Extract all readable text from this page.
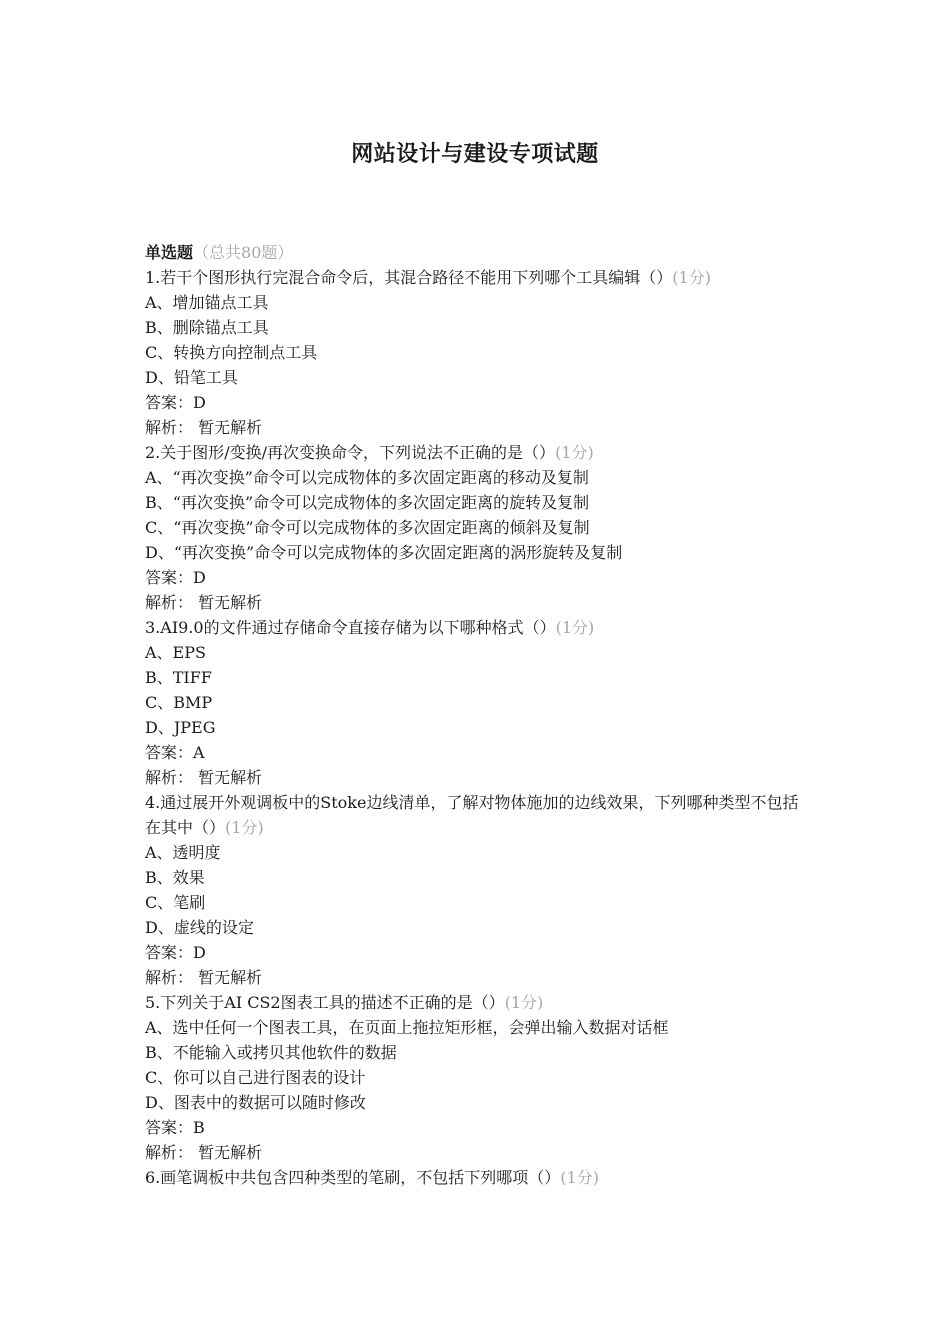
网站设计与建设专项试题
单选题（总共80题）
1.若干个图形执行完混合命令后，其混合路径不能用下列哪个工具编辑（）(1分)
A、增加锚点工具
B、删除锚点工具
C、转换方向控制点工具
D、铅笔工具
答案：D
解析： 暂无解析
2.关于图形/变换/再次变换命令，下列说法不正确的是（）(1分)
A、“再次变换”命令可以完成物体的多次固定距离的移动及复制
B、“再次变换”命令可以完成物体的多次固定距离的旋转及复制
C、“再次变换”命令可以完成物体的多次固定距离的倾斜及复制
D、“再次变换”命令可以完成物体的多次固定距离的涡形旋转及复制
答案：D
解析： 暂无解析
3.AI9.0的文件通过存储命令直接存储为以下哪种格式（）(1分)
A、EPS
B、TIFF
C、BMP
D、JPEG
答案：A
解析： 暂无解析
4.通过展开外观调板中的Stoke边线清单，了解对物体施加的边线效果，下列哪种类型不包括在其中（）(1分)
A、透明度
B、效果
C、笔刷
D、虚线的设定
答案：D
解析： 暂无解析
5.下列关于AI CS2图表工具的描述不正确的是（）(1分)
A、选中任何一个图表工具，在页面上拖拉矩形框，会弹出输入数据对话框
B、不能输入或拷贝其他软件的数据
C、你可以自己进行图表的设计
D、图表中的数据可以随时修改
答案：B
解析： 暂无解析
6.画笔调板中共包含四种类型的笔刷，不包括下列哪项（）(1分)
